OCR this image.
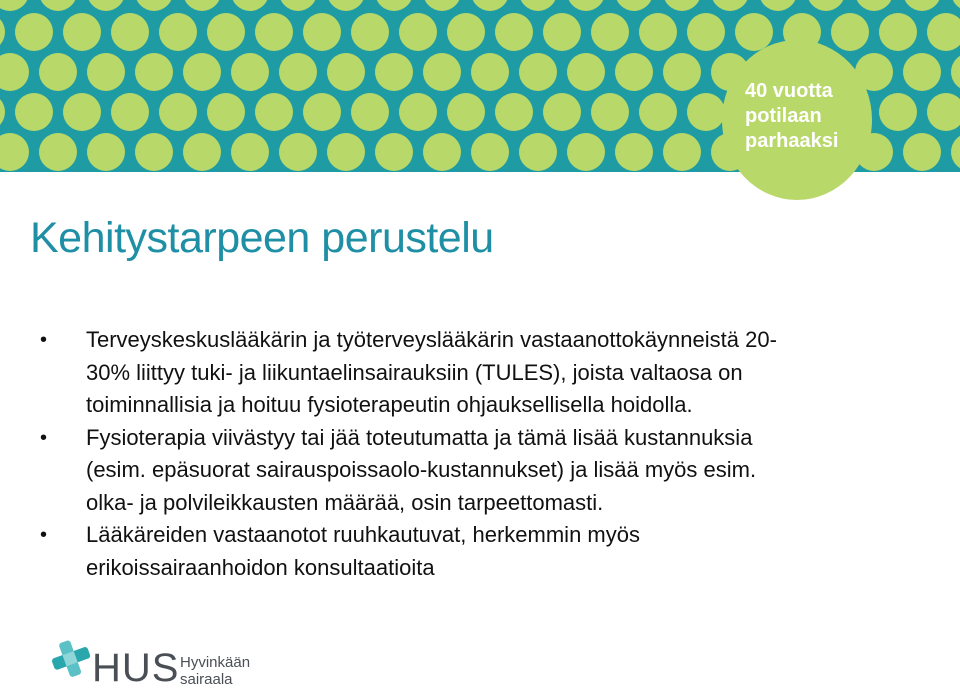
40 vuotta
potilaan
parhaaksi
Kehitystarpeen perustelu
• Terveyskeskuslääkärin ja työterveyslääkärin vastaanottokäynneistä 20-
30% liittyy tuki- ja liikuntaelinsairauksiin (TULES), joista valtaosa on
toiminnallisia ja hoituu fysioterapeutin ohjauksellisella hoidolla.
• Fysioterapia viivästyy tai jää toteutumatta ja tämä lisää kustannuksia
(esim. epäsuorat sairauspoissaolo-kustannukset) ja lisää myös esim.
olka- ja polvileikkausten määrää, osin tarpeettomasti.
• Lääkäreiden vastaanotot ruuhkautuvat, herkemmin myös
erikoissairaanhoidon konsultaatioita
HUS Hyvinkään
sairaala
